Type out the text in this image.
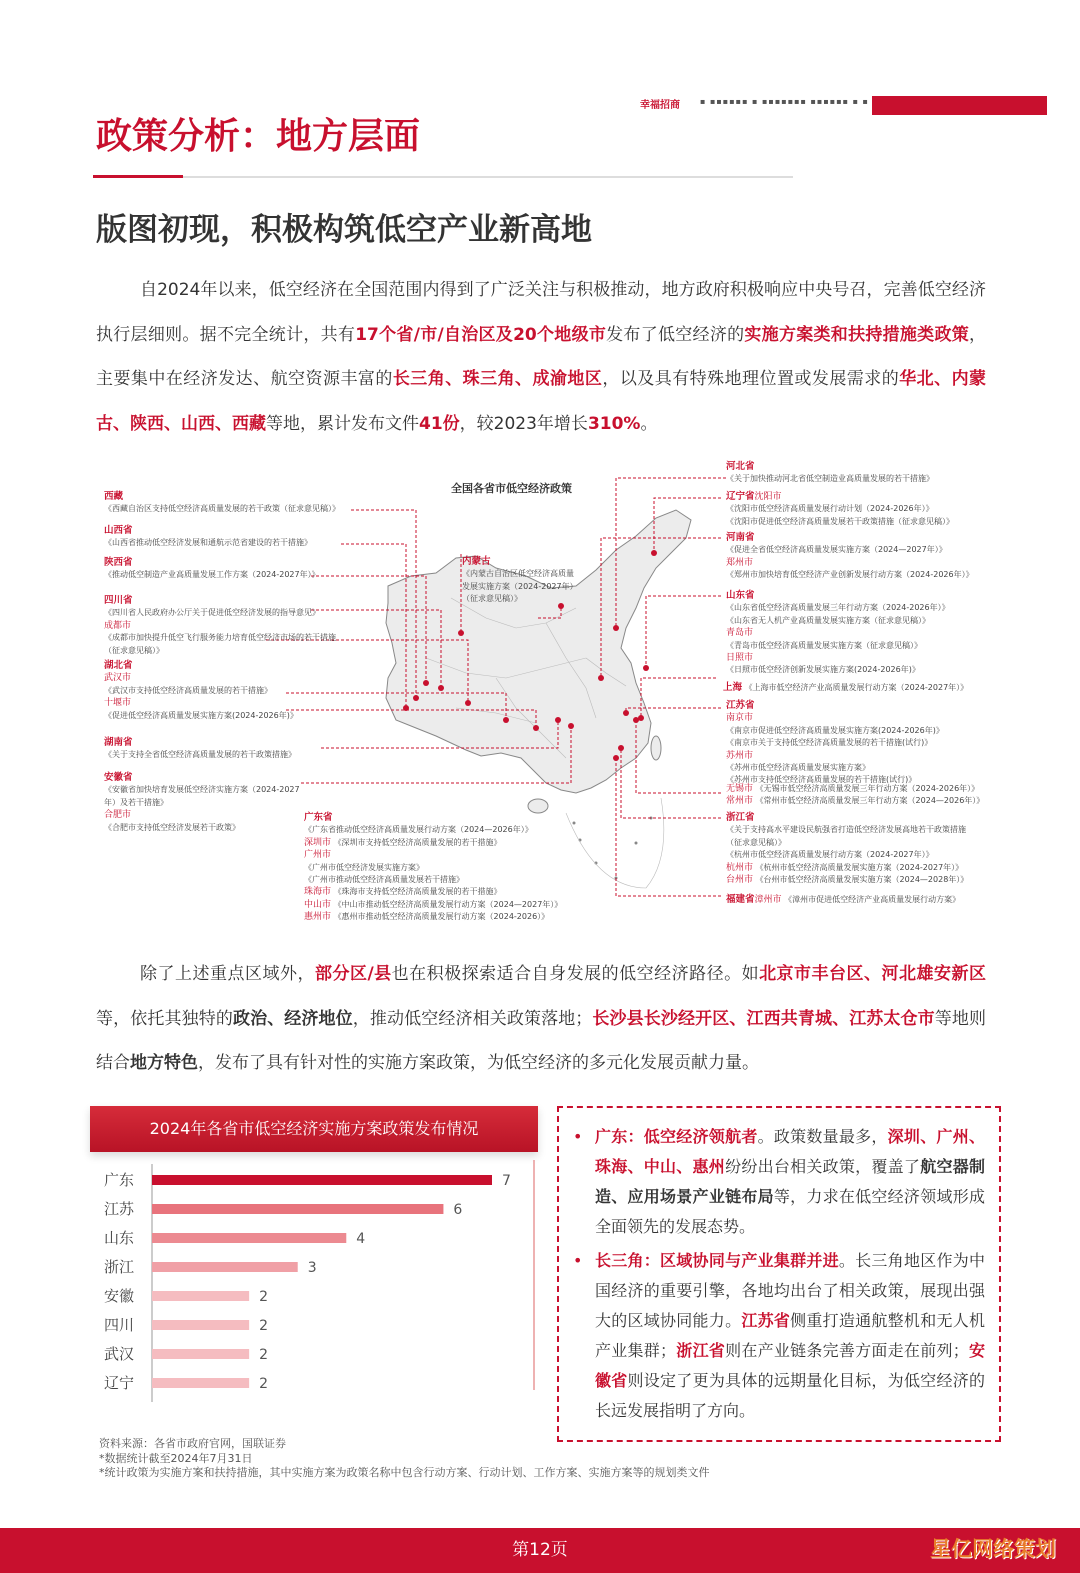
幸福招商	▪ ▪▪▪▪▪▪ ▪ ▪▪▪▪▪▪▪ ▪▪▪▪▪▪ ▪ ▪
政策分析：地方层面
版图初现，积极构筑低空产业新高地

自2024年以来，低空经济在全国范围内得到了广泛关注与积极推动，地方政府积极响应中央号召，完善低空经济执行层细则。据不完全统计，共有17个省/市/自治区及20个地级市发布了低空经济的实施方案类和扶持措施类政策， 主要集中在经济发达、航空资源丰富的长三角、珠三角、成渝地区，以及具有特殊地理位置或发展需求的华北、内蒙古、陕西、山西、西藏等地，累计发布文件41份，较2023年增长310%。

全国各省市低空经济政策
西藏
《西藏自治区支持低空经济高质量发展的若干政策（征求意见稿）》
山西省
《山西省推动低空经济发展和通航示范省建设的若干措施》
陕西省
《推动低空制造产业高质量发展工作方案（2024-2027年）》
四川省
《四川省人民政府办公厅关于促进低空经济发展的指导意见》
成都市
《成都市加快提升低空飞行服务能力培育低空经济市场的若干措施
（征求意见稿）》
湖北省
武汉市
《武汉市支持低空经济高质量发展的若干措施》
十堰市
《促进低空经济高质量发展实施方案(2024-2026年)》
湖南省
《关于支持全省低空经济高质量发展的若干政策措施》
安徽省
《安徽省加快培育发展低空经济实施方案（2024-2027
年）及若干措施》
合肥市
《合肥市支持低空经济发展若干政策》
内蒙古
《内蒙古自治区低空经济高质量
发展实施方案（2024-2027年）
（征求意见稿）》
广东省
《广东省推动低空经济高质量发展行动方案（2024—2026年）》
深圳市 《深圳市支持低空经济高质量发展的若干措施》
广州市
《广州市低空经济发展实施方案》
《广州市推动低空经济高质量发展若干措施》
珠海市 《珠海市支持低空经济高质量发展的若干措施》
中山市 《中山市推动低空经济高质量发展行动方案（2024—2027年）》
惠州市 《惠州市推动低空经济高质量发展行动方案（2024-2026）》
河北省
《关于加快推动河北省低空制造业高质量发展的若干措施》
辽宁省沈阳市
《沈阳市低空经济高质量发展行动计划（2024-2026年）》
《沈阳市促进低空经济高质量发展若干政策措施（征求意见稿）》
河南省
《促进全省低空经济高质量发展实施方案（2024—2027年）》
郑州市
《郑州市加快培育低空经济产业创新发展行动方案（2024-2026年）》
山东省
《山东省低空经济高质量发展三年行动方案（2024-2026年）》
《山东省无人机产业高质量发展实施方案（征求意见稿）》
青岛市
《青岛市低空经济高质量发展实施方案（征求意见稿）》
日照市
《日照市低空经济创新发展实施方案(2024-2026年)》
上海 《上海市低空经济产业高质量发展行动方案（2024-2027年）》
江苏省
南京市
《南京市促进低空经济高质量发展实施方案(2024-2026年)》
《南京市关于支持低空经济高质量发展的若干措施(试行)》
苏州市
《苏州市低空经济高质量发展实施方案》
《苏州市支持低空经济高质量发展的若干措施(试行)》
无锡市 《无锡市低空经济高质量发展三年行动方案（2024-2026年）》
常州市 《常州市低空经济高质量发展三年行动方案（2024—2026年）》
浙江省
《关于支持高水平建设民航强省打造低空经济发展高地若干政策措施
（征求意见稿）》
《杭州市低空经济高质量发展行动方案（2024-2027年）》
杭州市 《杭州市低空经济高质量发展实施方案（2024-2027年）》
台州市 《台州市低空经济高质量发展实施方案（2024—2028年）》
福建省漳州市 《漳州市促进低空经济产业高质量发展行动方案》

除了上述重点区域外，部分区/县也在积极探索适合自身发展的低空经济路径。如北京市丰台区、河北雄安新区等，依托其独特的政治、经济地位，推动低空经济相关政策落地；长沙县长沙经开区、江西共青城、江苏太仓市等地则结合地方特色，发布了具有针对性的实施方案政策，为低空经济的多元化发展贡献力量。

2024年各省市低空经济实施方案政策发布情况
广东	7
江苏	6
山东	4
浙江	3
安徽	2
四川	2
武汉	2
辽宁	2
• 广东：低空经济领航者。政策数量最多，深圳、广州、珠海、中山、惠州纷纷出台相关政策，覆盖了航空器制造、应用场景产业链布局等，力求在低空经济领域形成全面领先的发展态势。
• 长三角：区域协同与产业集群并进。长三角地区作为中国经济的重要引擎，各地均出台了相关政策，展现出强大的区域协同能力。江苏省侧重打造通航整机和无人机产业集群；浙江省则在产业链条完善方面走在前列；安徽省则设定了更为具体的远期量化目标，为低空经济的长远发展指明了方向。
资料来源：各省市政府官网，国联证券
*数据统计截至2024年7月31日
*统计政策为实施方案和扶持措施，其中实施方案为政策名称中包含行动方案、行动计划、工作方案、实施方案等的规划类文件
第12页	星亿网络策划
